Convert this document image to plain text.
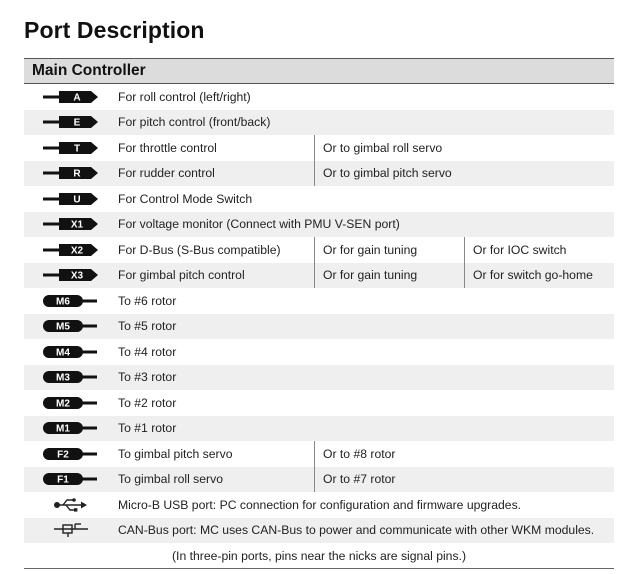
Port Description
Main Controller
A	For roll control (left/right)
E	For pitch control (front/back)
T	For throttle control	Or to gimbal roll servo
R	For rudder control	Or to gimbal pitch servo
U	For Control Mode Switch
X1	For voltage monitor (Connect with PMU V-SEN port)
X2	For D-Bus (S-Bus compatible)	Or for gain tuning	Or for IOC switch
X3	For gimbal pitch control	Or for gain tuning	Or for switch go-home
M6	To #6 rotor
M5	To #5 rotor
M4	To #4 rotor
M3	To #3 rotor
M2	To #2 rotor
M1	To #1 rotor
F2	To gimbal pitch servo	Or to #8 rotor
F1	To gimbal roll servo	Or to #7 rotor
Micro-B USB port: PC connection for configuration and firmware upgrades.
CAN-Bus port: MC uses CAN-Bus to power and communicate with other WKM modules.
(In three-pin ports, pins near the nicks are signal pins.)
